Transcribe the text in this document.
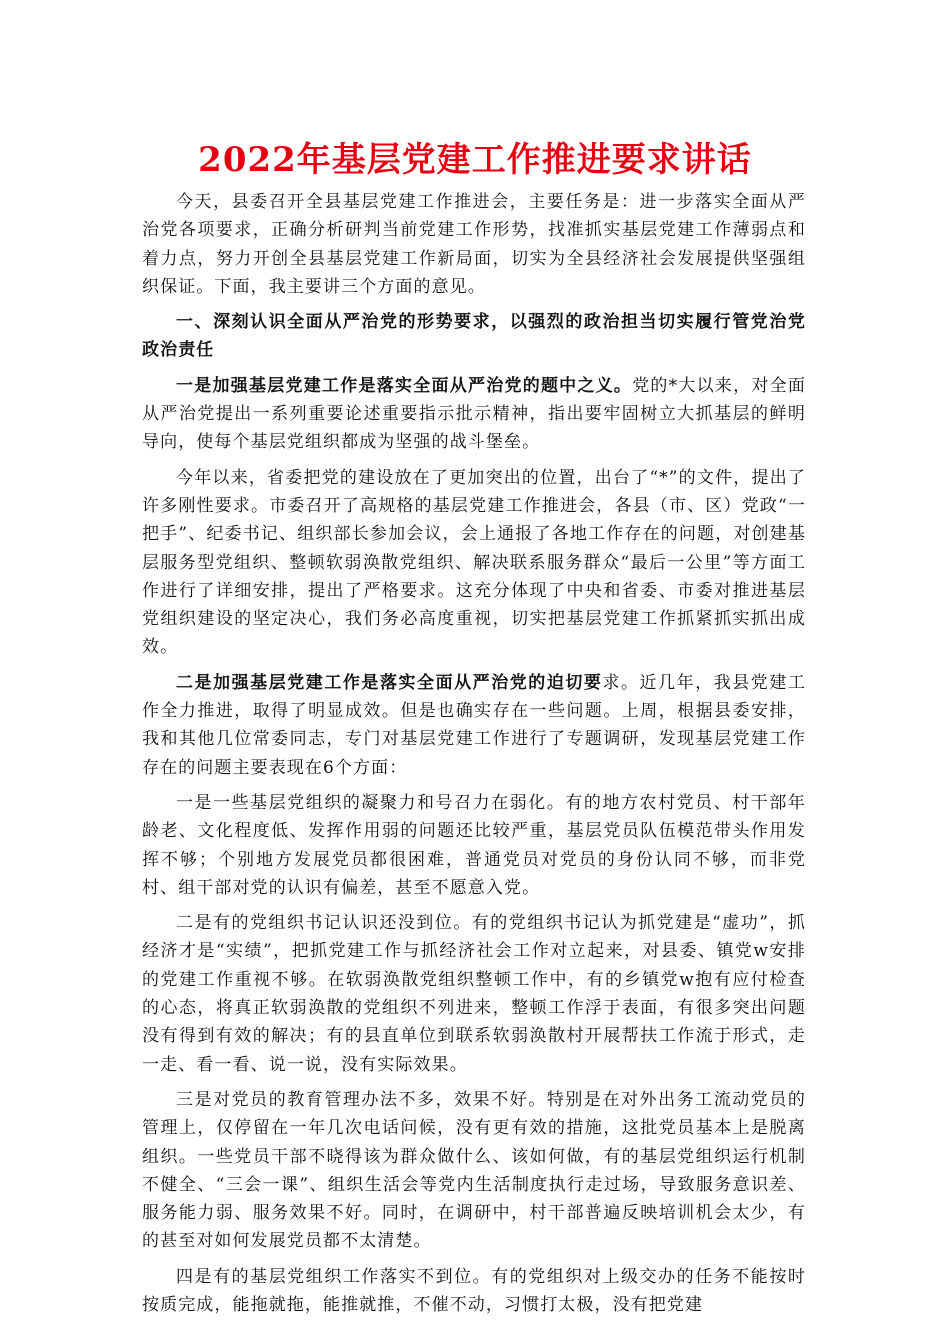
2022年基层党建工作推进要求讲话

今天，县委召开全县基层党建工作推进会，主要任务是：进一步落实全面从严治党各项要求，正确分析研判当前党建工作形势，找准抓实基层党建工作薄弱点和着力点，努力开创全县基层党建工作新局面，切实为全县经济社会发展提供坚强组织保证。下面，我主要讲三个方面的意见。

一、深刻认识全面从严治党的形势要求，以强烈的政治担当切实履行管党治党政治责任

一是加强基层党建工作是落实全面从严治党的题中之义。党的*大以来，对全面从严治党提出一系列重要论述重要指示批示精神，指出要牢固树立大抓基层的鲜明导向，使每个基层党组织都成为坚强的战斗堡垒。

今年以来，省委把党的建设放在了更加突出的位置，出台了“*”的文件，提出了许多刚性要求。市委召开了高规格的基层党建工作推进会，各县（市、区）党政“一把手”、纪委书记、组织部长参加会议，会上通报了各地工作存在的问题，对创建基层服务型党组织、整顿软弱涣散党组织、解决联系服务群众“最后一公里”等方面工作进行了详细安排，提出了严格要求。这充分体现了中央和省委、市委对推进基层党组织建设的坚定决心，我们务必高度重视，切实把基层党建工作抓紧抓实抓出成效。

二是加强基层党建工作是落实全面从严治党的迫切要求。近几年，我县党建工作全力推进，取得了明显成效。但是也确实存在一些问题。上周，根据县委安排，我和其他几位常委同志，专门对基层党建工作进行了专题调研，发现基层党建工作存在的问题主要表现在6个方面：

一是一些基层党组织的凝聚力和号召力在弱化。有的地方农村党员、村干部年龄老、文化程度低、发挥作用弱的问题还比较严重，基层党员队伍模范带头作用发挥不够；个别地方发展党员都很困难，普通党员对党员的身份认同不够，而非党村、组干部对党的认识有偏差，甚至不愿意入党。

二是有的党组织书记认识还没到位。有的党组织书记认为抓党建是“虚功”，抓经济才是“实绩”，把抓党建工作与抓经济社会工作对立起来，对县委、镇党w安排的党建工作重视不够。在软弱涣散党组织整顿工作中，有的乡镇党w抱有应付检查的心态，将真正软弱涣散的党组织不列进来，整顿工作浮于表面，有很多突出问题没有得到有效的解决；有的县直单位到联系软弱涣散村开展帮扶工作流于形式，走一走、看一看、说一说，没有实际效果。

三是对党员的教育管理办法不多，效果不好。特别是在对外出务工流动党员的管理上，仅停留在一年几次电话问候，没有更有效的措施，这批党员基本上是脱离组织。一些党员干部不晓得该为群众做什么、该如何做，有的基层党组织运行机制不健全、“三会一课”、组织生活会等党内生活制度执行走过场，导致服务意识差、服务能力弱、服务效果不好。同时，在调研中，村干部普遍反映培训机会太少，有的甚至对如何发展党员都不太清楚。

四是有的基层党组织工作落实不到位。有的党组织对上级交办的任务不能按时按质完成，能拖就拖，能推就推，不催不动，习惯打太极，没有把党建
